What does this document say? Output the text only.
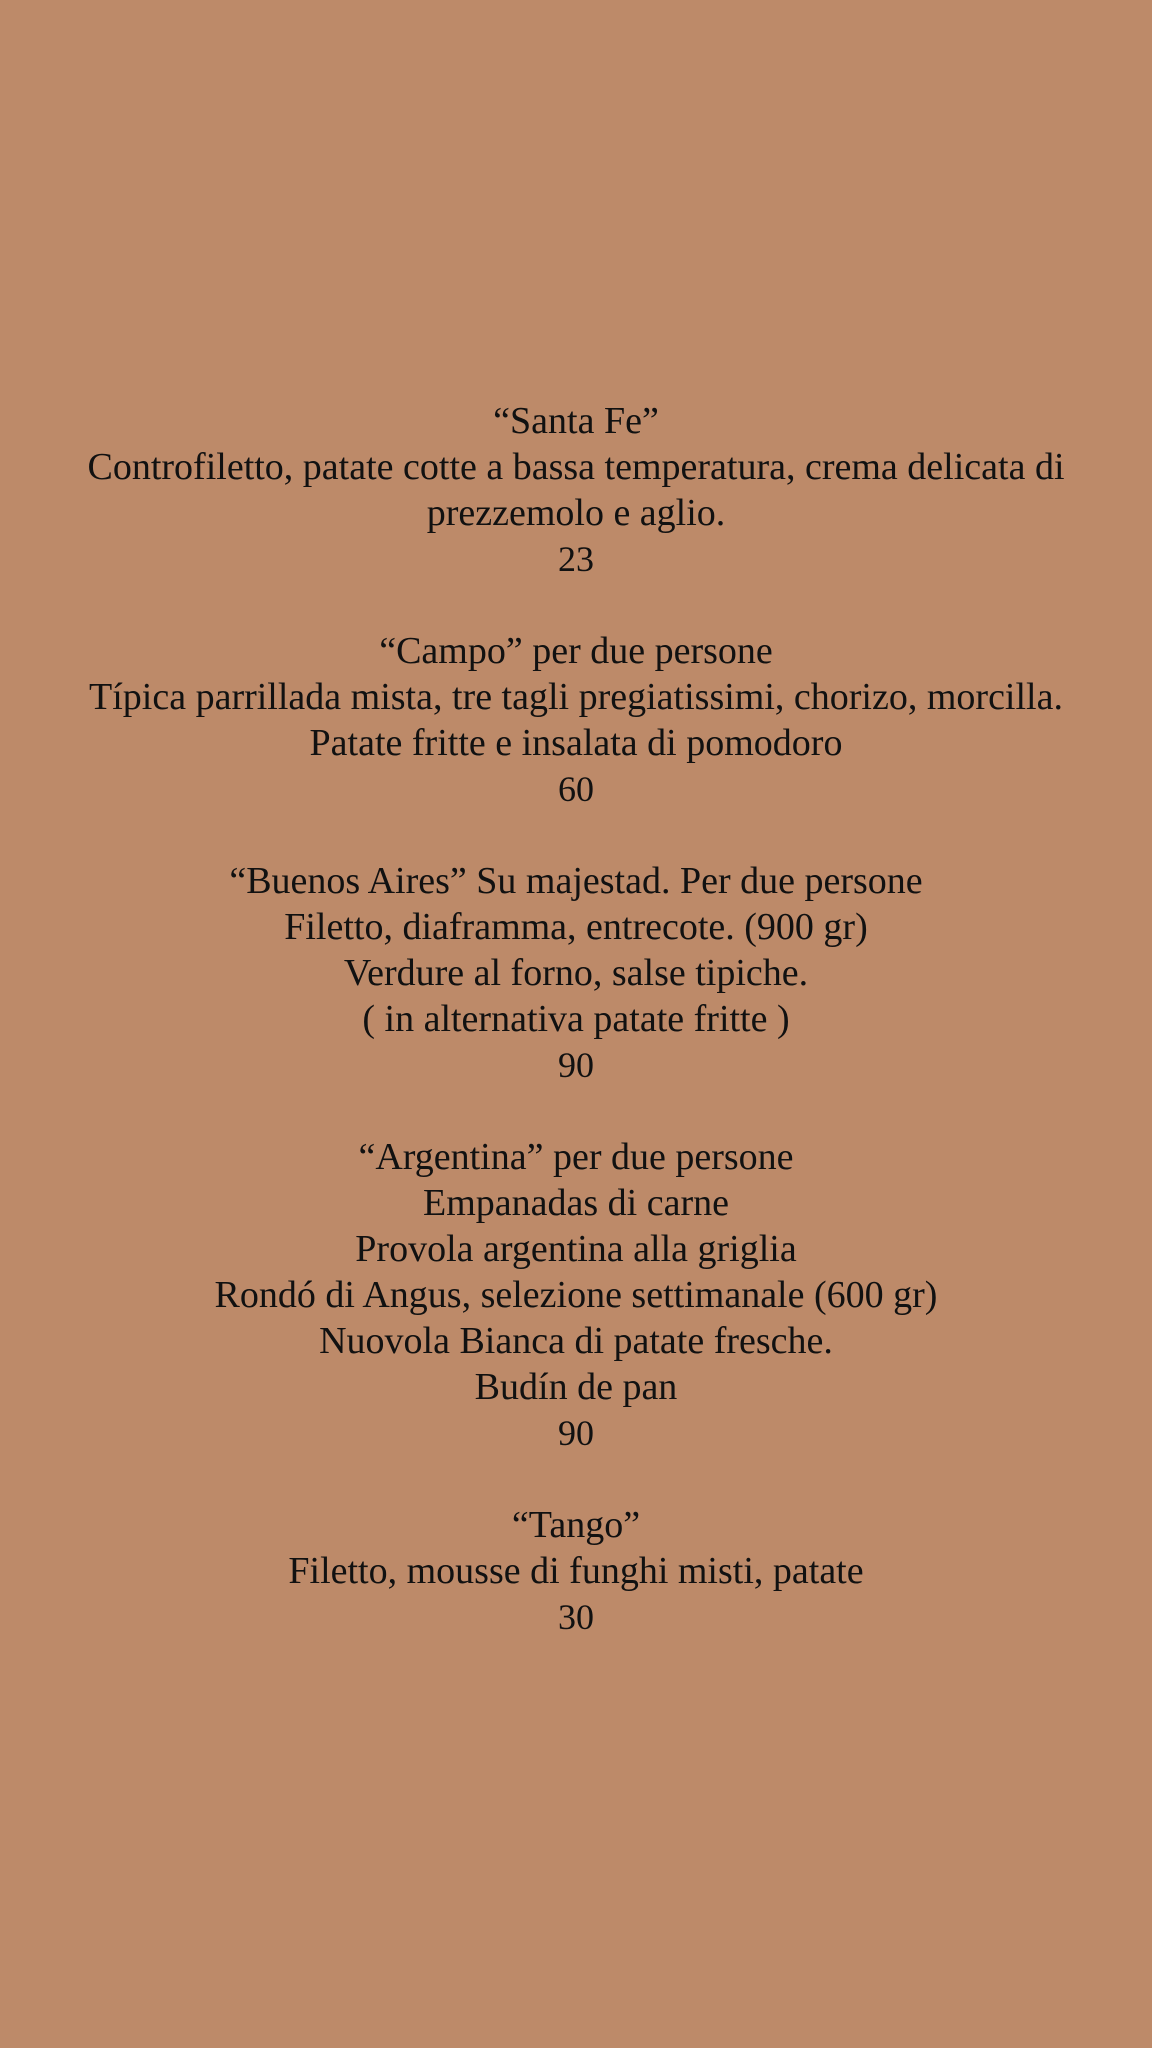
“Santa Fe”
Controfiletto, patate cotte a bassa temperatura, crema delicata di
prezzemolo e aglio.
23
“Campo” per due persone
Típica parrillada mista, tre tagli pregiatissimi, chorizo, morcilla.
Patate fritte e insalata di pomodoro
60
“Buenos Aires” Su majestad. Per due persone
Filetto, diaframma, entrecote. (900 gr)
Verdure al forno, salse tipiche.
( in alternativa patate fritte )
90
“Argentina” per due persone
Empanadas di carne
Provola argentina alla griglia
Rondó di Angus, selezione settimanale (600 gr)
Nuovola Bianca di patate fresche.
Budín de pan
90
“Tango”
Filetto, mousse di funghi misti, patate
30
